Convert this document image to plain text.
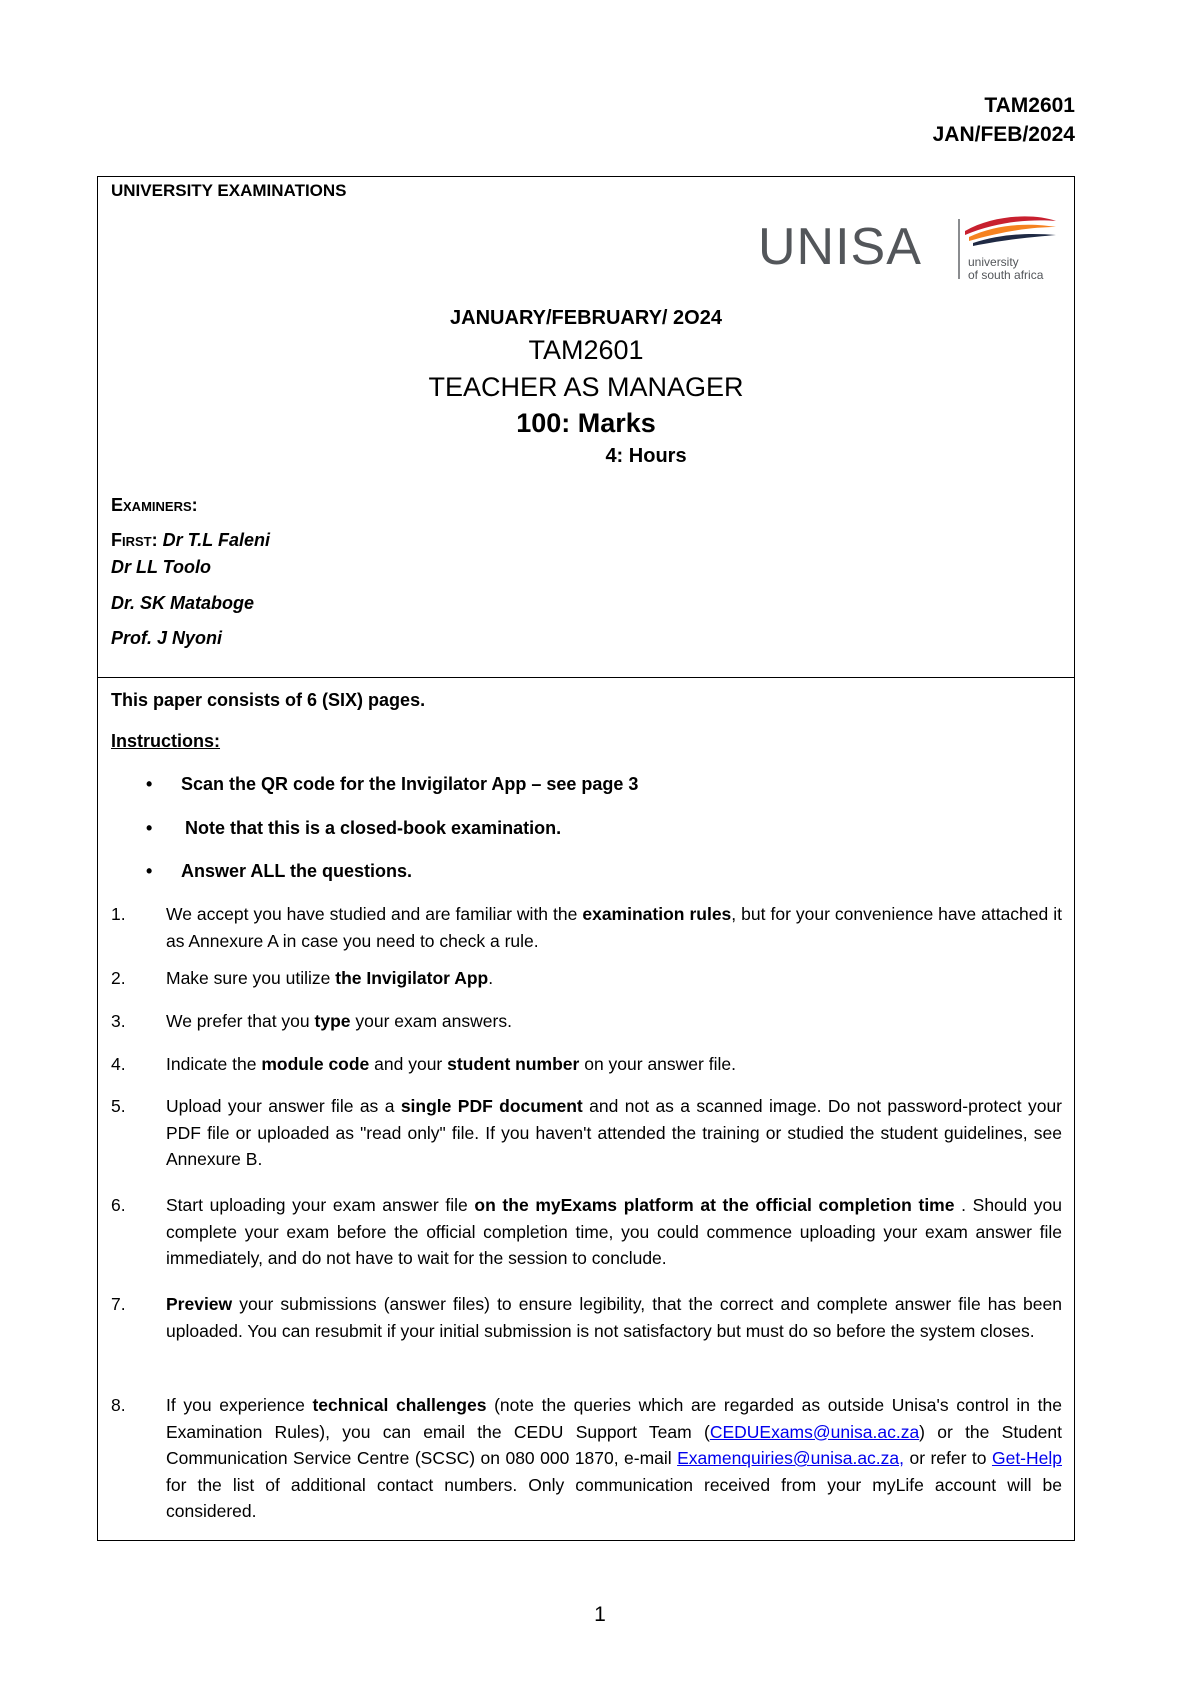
TAM2601
JAN/FEB/2024
UNIVERSITY EXAMINATIONS
UNISA	university
of south africa
JANUARY/FEBRUARY/ 2O24
TAM2601
TEACHER AS MANAGER
100: Marks
4: Hours
Examiners:
First: Dr T.L Faleni
Dr LL Toolo
Dr. SK Mataboge
Prof. J Nyoni
This paper consists of 6 (SIX) pages.
Instructions:
• Scan the QR code for the Invigilator App – see page 3
• Note that this is a closed-book examination.
• Answer ALL the questions.
1. We accept you have studied and are familiar with the examination rules, but for your convenience have attached it as Annexure A in case you need to check a rule.
2. Make sure you utilize the Invigilator App.
3. We prefer that you type your exam answers.
4. Indicate the module code and your student number on your answer file.
5. Upload your answer file as a single PDF document and not as a scanned image. Do not password-protect your PDF file or uploaded as "read only" file. If you haven't attended the training or studied the student guidelines, see Annexure B.
6. Start uploading your exam answer file on the myExams platform at the official completion time . Should you complete your exam before the official completion time, you could commence uploading your exam answer file immediately, and do not have to wait for the session to conclude.
7. Preview your submissions (answer files) to ensure legibility, that the correct and complete answer file has been uploaded. You can resubmit if your initial submission is not satisfactory but must do so before the system closes.
8. If you experience technical challenges (note the queries which are regarded as outside Unisa's control in the Examination Rules), you can email the CEDU Support Team (CEDUExams@unisa.ac.za) or the Student Communication Service Centre (SCSC) on 080 000 1870, e-mail Examenquiries@unisa.ac.za, or refer to Get-Help for the list of additional contact numbers. Only communication received from your myLife account will be considered.
1
